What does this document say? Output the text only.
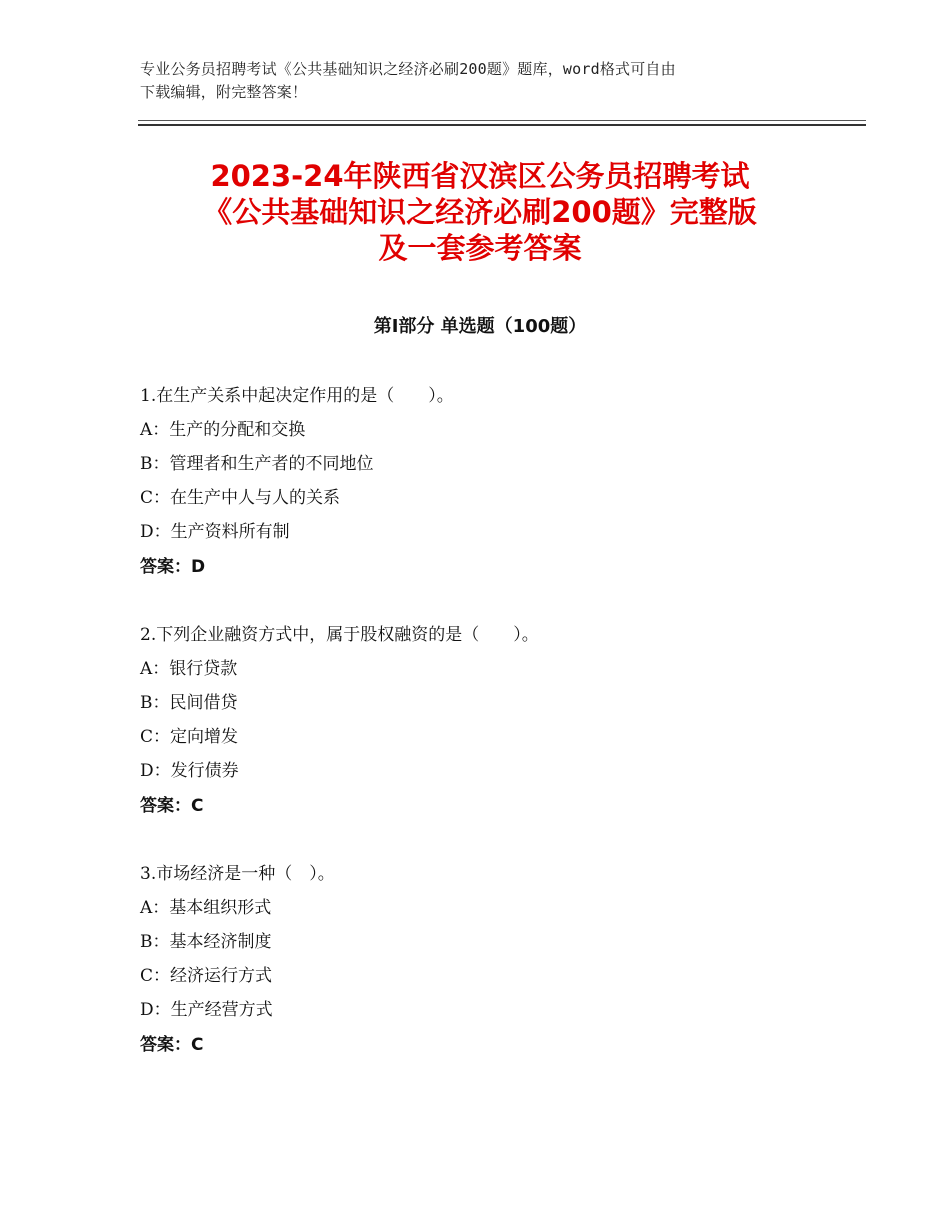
专业公务员招聘考试《公共基础知识之经济必刷200题》题库，word格式可自由
下载编辑，附完整答案！
2023-24年陕西省汉滨区公务员招聘考试
《公共基础知识之经济必刷200题》完整版
及一套参考答案
第Ⅰ部分 单选题（100题）
1.在生产关系中起决定作用的是（　　）。
A：生产的分配和交换
B：管理者和生产者的不同地位
C：在生产中人与人的关系
D：生产资料所有制
答案：D
2.下列企业融资方式中，属于股权融资的是（　　）。
A：银行贷款
B：民间借贷
C：定向增发
D：发行债券
答案：C
3.市场经济是一种（　）。
A：基本组织形式
B：基本经济制度
C：经济运行方式
D：生产经营方式
答案：C
